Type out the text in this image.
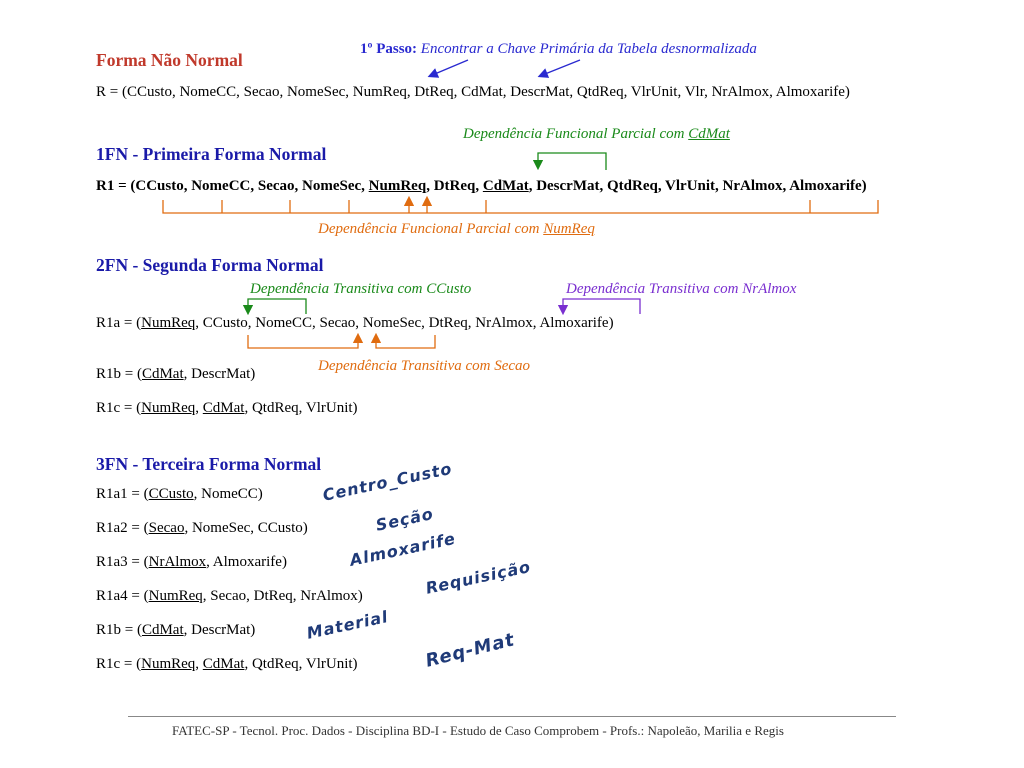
1º Passo: Encontrar a Chave Primária da Tabela desnormalizada
Forma Não Normal
R = (CCusto, NomeCC, Secao, NomeSec, NumReq, DtReq, CdMat, DescrMat, QtdReq, VlrUnit, Vlr, NrAlmox, Almoxarife)
Dependência Funcional Parcial com CdMat
1FN - Primeira Forma Normal
R1 = (CCusto, NomeCC, Secao, NomeSec, NumReq, DtReq, CdMat, DescrMat, QtdReq, VlrUnit, NrAlmox, Almoxarife)
Dependência Funcional Parcial com NumReq
2FN - Segunda Forma Normal
Dependência Transitiva com CCusto	Dependência Transitiva com NrAlmox
R1a = (NumReq, CCusto, NomeCC, Secao, NomeSec, DtReq, NrAlmox, Almoxarife)
Dependência Transitiva com Secao
R1b = (CdMat, DescrMat)
R1c = (NumReq, CdMat, QtdReq, VlrUnit)
3FN - Terceira Forma Normal
R1a1 = (CCusto, NomeCC)
R1a2 = (Secao, NomeSec, CCusto)
R1a3 = (NrAlmox, Almoxarife)
R1a4 = (NumReq, Secao, DtReq, NrAlmox)
R1b = (CdMat, DescrMat)
R1c = (NumReq, CdMat, QtdReq, VlrUnit)
Centro_Custo
Seção
Almoxarife
Requisição
Material
Req-Mat
FATEC-SP - Tecnol. Proc. Dados - Disciplina BD-I - Estudo de Caso Comprobem - Profs.: Napoleão, Marilia e Regis
